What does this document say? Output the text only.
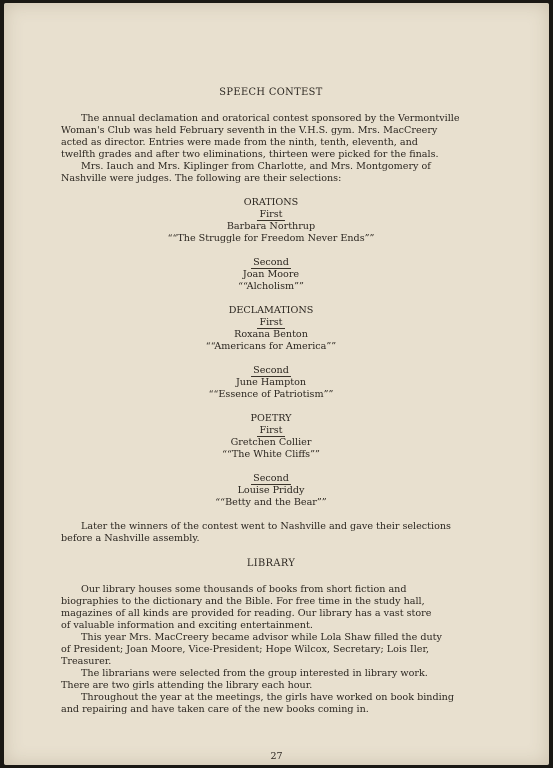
SPEECH CONTEST
The annual declamation and oratorical contest sponsored by the Vermontville
Woman's Club was held February seventh in the V.H.S. gym. Mrs. MacCreery
acted as director. Entries were made from the ninth, tenth, eleventh, and
twelfth grades and after two eliminations, thirteen were picked for the finals.
Mrs. Iauch and Mrs. Kiplinger from Charlotte, and Mrs. Montgomery of
Nashville were judges. The following are their selections:
ORATIONS
First
Barbara Northrup
““The Struggle for Freedom Never Ends””
Second
Joan Moore
““Alcholism””
DECLAMATIONS
First
Roxana Benton
““Americans for America””
Second
June Hampton
““Essence of Patriotism””
POETRY
First
Gretchen Collier
““The White Cliffs””
Second
Louise Priddy
““Betty and the Bear””
Later the winners of the contest went to Nashville and gave their selections
before a Nashville assembly.
LIBRARY
Our library houses some thousands of books from short fiction and
biographies to the dictionary and the Bible. For free time in the study hall,
magazines of all kinds are provided for reading. Our library has a vast store
of valuable information and exciting entertainment.
This year Mrs. MacCreery became advisor while Lola Shaw filled the duty
of President; Joan Moore, Vice-President; Hope Wilcox, Secretary; Lois Iler,
Treasurer.
The librarians were selected from the group interested in library work.
There are two girls attending the library each hour.
Throughout the year at the meetings, the girls have worked on book binding
and repairing and have taken care of the new books coming in.
27
